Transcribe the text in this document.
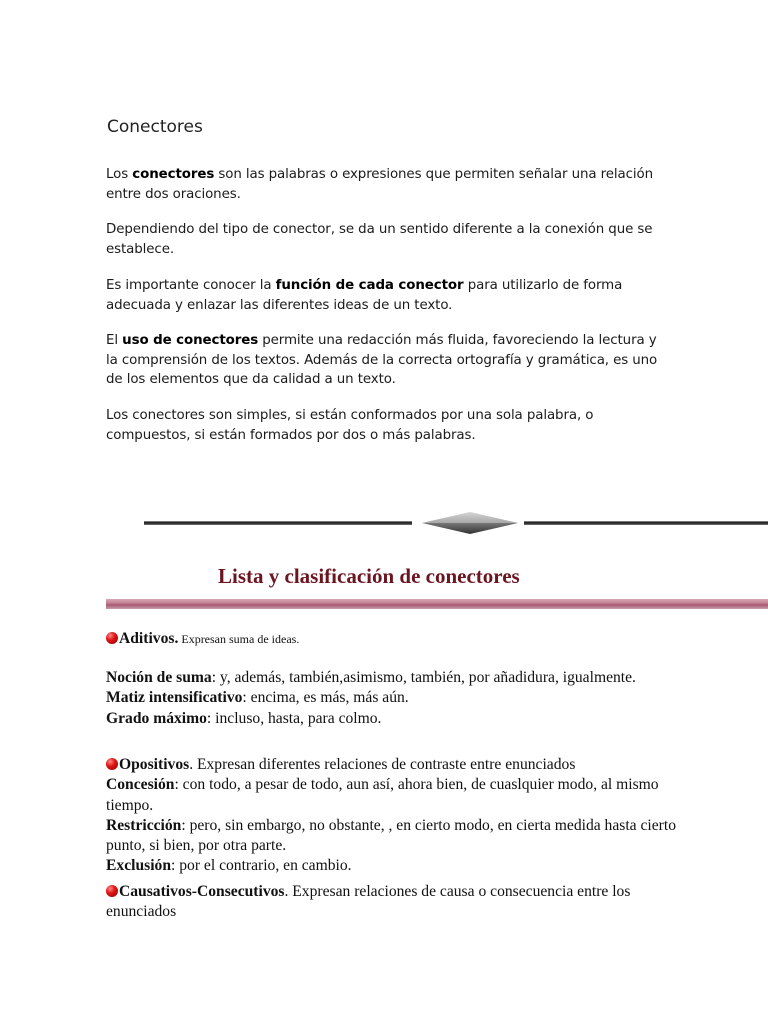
Conectores
Los conectores son las palabras o expresiones que permiten señalar una relación entre dos oraciones.
Dependiendo del tipo de conector, se da un sentido diferente a la conexión que se establece.
Es importante conocer la función de cada conector para utilizarlo de forma adecuada y enlazar las diferentes ideas de un texto.
El uso de conectores permite una redacción más fluida, favoreciendo la lectura y la comprensión de los textos. Además de la correcta ortografía y gramática, es uno de los elementos que da calidad a un texto.
Los conectores son simples, si están conformados por una sola palabra, o compuestos, si están formados por dos o más palabras.
Lista y clasificación de conectores
Aditivos. Expresan suma de ideas.
Noción de suma: y, además, también,asimismo, también, por añadidura, igualmente.
Matiz intensificativo: encima, es más, más aún.
Grado máximo: incluso, hasta, para colmo.
Opositivos. Expresan diferentes relaciones de contraste entre enunciados
Concesión: con todo, a pesar de todo, aun así, ahora bien, de cuaslquier modo, al mismo tiempo.
Restricción: pero, sin embargo, no obstante, , en cierto modo, en cierta medida hasta cierto punto, si bien, por otra parte.
Exclusión: por el contrario, en cambio.
Causativos-Consecutivos. Expresan relaciones de causa o consecuencia entre los enunciados
